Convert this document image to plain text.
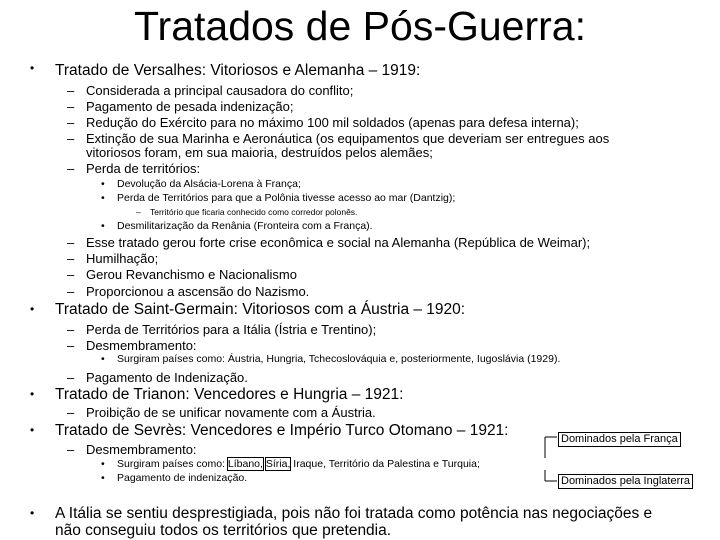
Tratados de Pós-Guerra:
• Tratado de Versalhes: Vitoriosos e Alemanha – 1919:
– Considerada a principal causadora do conflito;
– Pagamento de pesada indenização;
– Redução do Exército para no máximo 100 mil soldados (apenas para defesa interna);
– Extinção de sua Marinha e Aeronáutica (os equipamentos que deveriam ser entregues aos
vitoriosos foram, em sua maioria, destruídos pelos alemães;
– Perda de territórios:
• Devolução da Alsácia-Lorena à França;
• Perda de Territórios para que a Polônia tivesse acesso ao mar (Dantzig);
– Território que ficaria conhecido como corredor polonês.
• Desmilitarização da Renânia (Fronteira com a França).
– Esse tratado gerou forte crise econômica e social na Alemanha (República de Weimar);
– Humilhação;
– Gerou Revanchismo e Nacionalismo
– Proporcionou a ascensão do Nazismo.
• Tratado de Saint-Germain: Vitoriosos com a Áustria – 1920:
– Perda de Territórios para a Itália (Ístria e Trentino);
– Desmembramento:
• Surgiram países como: Áustria, Hungria, Tchecoslováquia e, posteriormente, Iugoslávia (1929).
– Pagamento de Indenização.
• Tratado de Trianon: Vencedores e Hungria – 1921:
– Proibição de se unificar novamente com a Áustria.
• Tratado de Sevrès: Vencedores e Império Turco Otomano – 1921:
– Desmembramento:
• Surgiram países como: Líbano, Síria, Iraque, Território da Palestina e Turquia;
• Pagamento de indenização.
Dominados pela França
Dominados pela Inglaterra
• A Itália se sentiu desprestigiada, pois não foi tratada como potência nas negociações e
não conseguiu todos os territórios que pretendia.
